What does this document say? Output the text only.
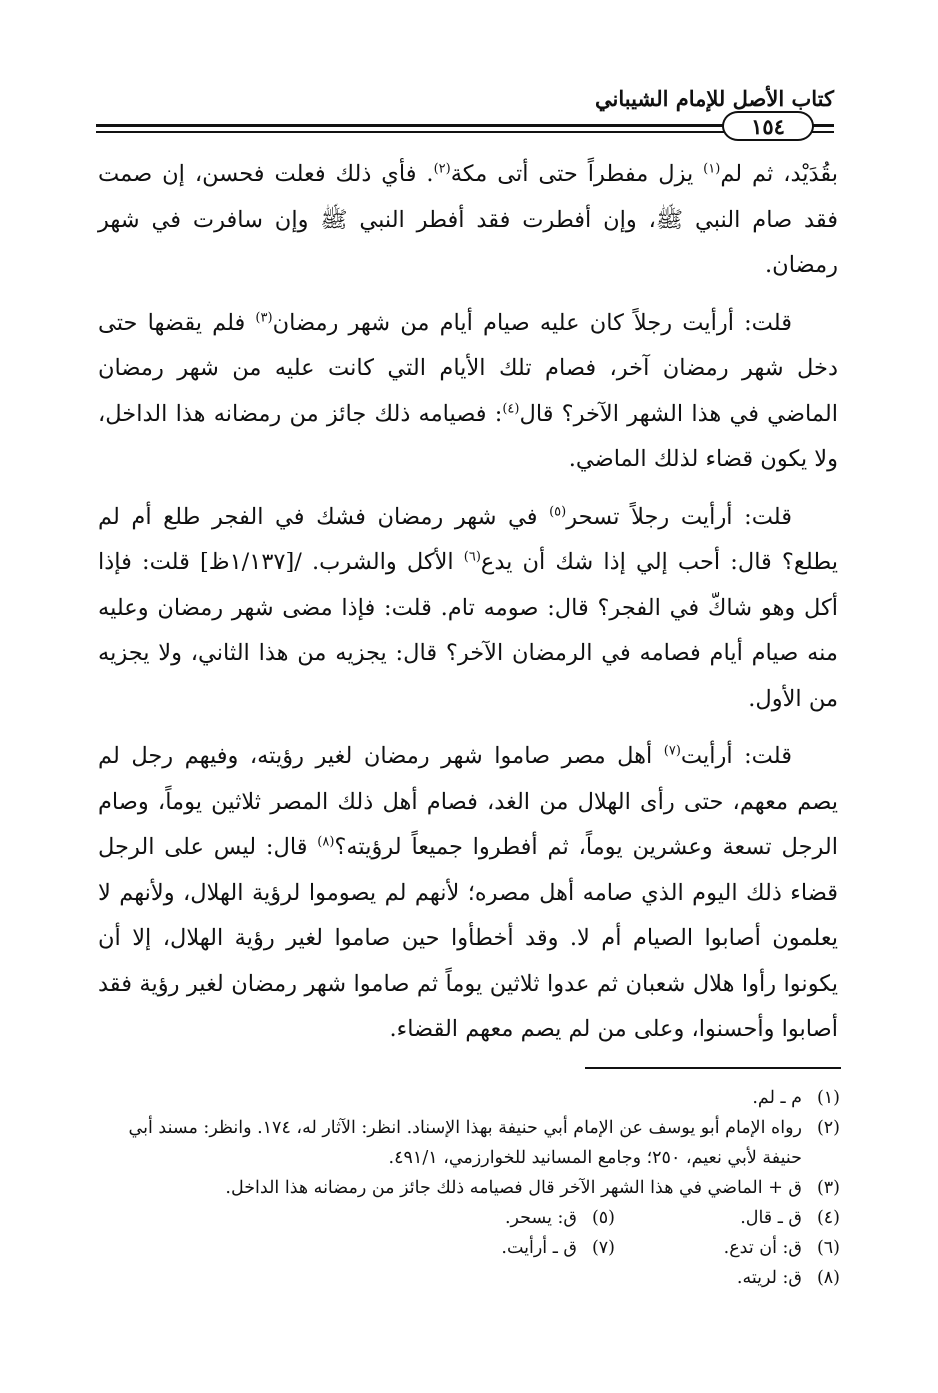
كتاب الأصل للإمام الشيباني
١٥٤

بقُدَيْد، ثم لم$^{(١)}$ يزل مفطراً حتى أتى مكة$^{(٢)}$. فأي ذلك فعلت فحسن، إن صمت فقد صام النبي ﷺ، وإن أفطرت فقد أفطر النبي ﷺ وإن سافرت في شهر رمضان.

قلت: أرأيت رجلاً كان عليه صيام أيام من شهر رمضان$^{(٣)}$ فلم يقضها حتى دخل شهر رمضان آخر، فصام تلك الأيام التي كانت عليه من شهر رمضان الماضي في هذا الشهر الآخر؟ قال$^{(٤)}$: فصيامه ذلك جائز من رمضانه هذا الداخل، ولا يكون قضاء لذلك الماضي.

قلت: أرأيت رجلاً تسحر$^{(٥)}$ في شهر رمضان فشك في الفجر طلع أم لم يطلع؟ قال: أحب إلي إذا شك أن يدع$^{(٦)}$ الأكل والشرب. /[١/١٣٧ظ] قلت: فإذا أكل وهو شاكّ في الفجر؟ قال: صومه تام. قلت: فإذا مضى شهر رمضان وعليه منه صيام أيام فصامه في الرمضان الآخر؟ قال: يجزيه من هذا الثاني، ولا يجزيه من الأول.

قلت: أرأيت$^{(٧)}$ أهل مصر صاموا شهر رمضان لغير رؤيته، وفيهم رجل لم يصم معهم، حتى رأى الهلال من الغد، فصام أهل ذلك المصر ثلاثين يوماً، وصام الرجل تسعة وعشرين يوماً، ثم أفطروا جميعاً لرؤيته؟$^{(٨)}$ قال: ليس على الرجل قضاء ذلك اليوم الذي صامه أهل مصره؛ لأنهم لم يصوموا لرؤية الهلال، ولأنهم لا يعلمون أصابوا الصيام أم لا. وقد أخطأوا حين صاموا لغير رؤية الهلال، إلا أن يكونوا رأوا هلال شعبان ثم عدوا ثلاثين يوماً ثم صاموا شهر رمضان لغير رؤية فقد أصابوا وأحسنوا، وعلى من لم يصم معهم القضاء.

(١)
م ـ لم.
(٢)
رواه الإمام أبو يوسف عن الإمام أبي حنيفة بهذا الإسناد. انظر: الآثار له، ١٧٤. وانظر: مسند أبي حنيفة لأبي نعيم، ٢٥٠؛ وجامع المسانيد للخوارزمي، ٤٩١/١.
(٣)
ق + الماضي في هذا الشهر الآخر قال فصيامه ذلك جائز من رمضانه هذا الداخل.
(٤)
ق ـ قال.
(٥)
ق: يسحر.
(٦)
ق: أن تدع.
(٧)
ق ـ أرأيت.
(٨)
ق: لريته.
